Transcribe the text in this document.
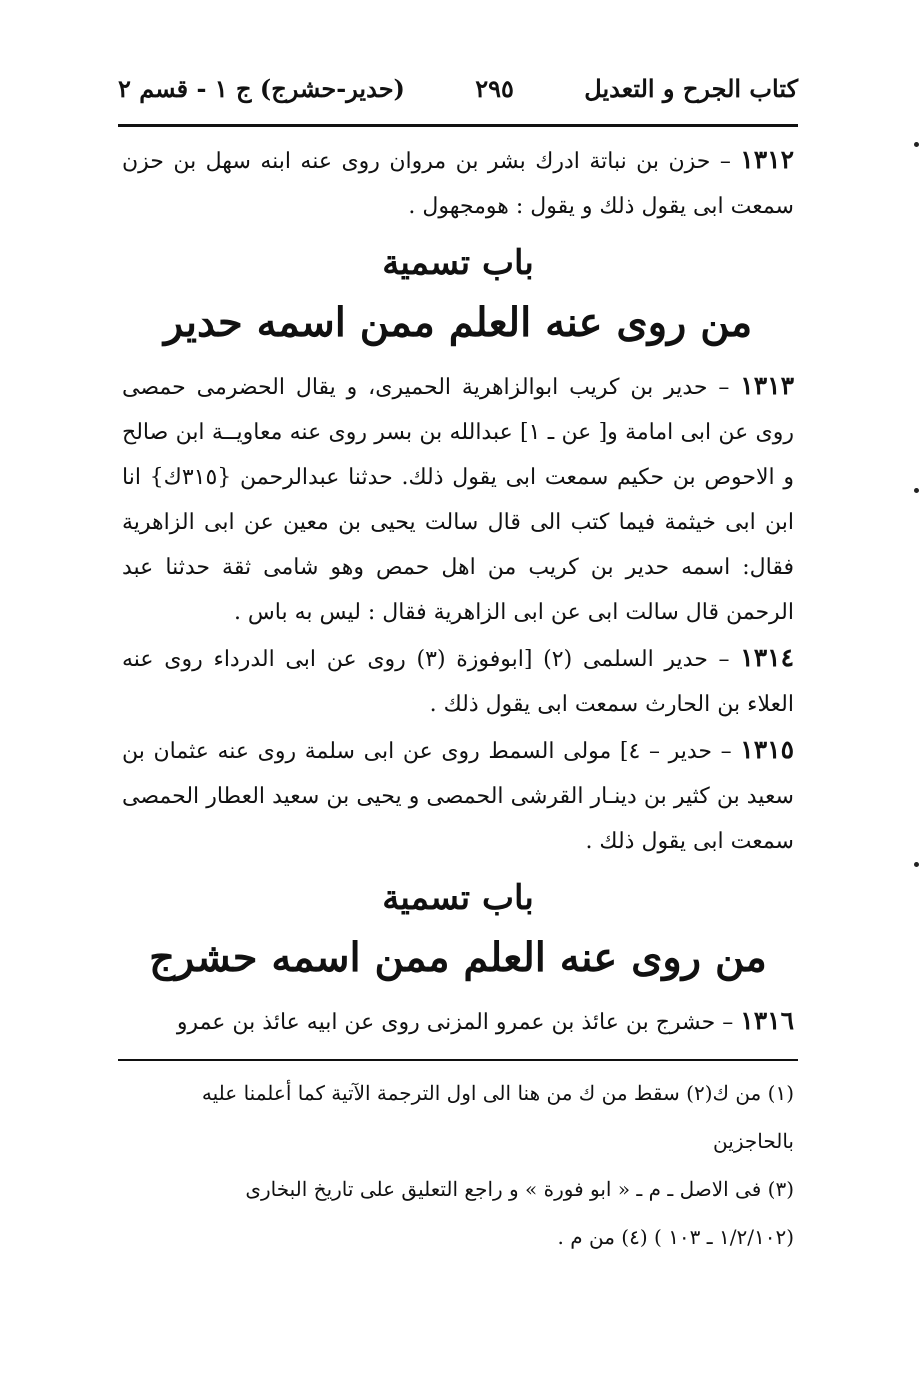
كتاب الجرح و التعديل
٢٩٥
(حدير-حشرج) ج ١ - قسم ٢

١٣١٢ – حزن بن نباتة ادرك بشر بن مروان روى عنه ابنه سهل بن حزن سمعت ابى يقول ذلك و يقول : هومجهول .

باب تسمية
من روى عنه العلم ممن اسمه حدير

١٣١٣ – حدير بن كريب ابوالزاهرية الحميرى، و يقال الحضرمى حمصى روى عن ابى امامة و[ عن ـ ١] عبدالله بن بسر روى عنه معاويــة ابن صالح و الاحوص بن حكيم سمعت ابى يقول ذلك. حدثنا عبدالرحمن {٣١٥ك} انا ابن ابى خيثمة فيما كتب الى قال سالت يحيى بن معين عن ابى الزاهرية فقال: اسمه حدير بن كريب من اهل حمص وهو شامى ثقة حدثنا عبد الرحمن قال سالت ابى عن ابى الزاهرية فقال : ليس به باس .

١٣١٤ – حدير السلمى (٢) [ابوفوزة (٣) روى عن ابى الدرداء روى عنه العلاء بن الحارث سمعت ابى يقول ذلك .

١٣١٥ – حدير – ٤] مولى السمط روى عن ابى سلمة روى عنه عثمان بن سعيد بن كثير بن دينـار القرشى الحمصى و يحيى بن سعيد العطار الحمصى سمعت ابى يقول ذلك .

باب تسمية
من روى عنه العلم ممن اسمه حشرج

١٣١٦ – حشرج بن عائذ بن عمرو المزنى روى عن ابيه عائذ بن عمرو

(١) من ك(٢) سقط من ك من هنا الى اول الترجمة الآتية كما أعلمنا عليه بالحاجزين
(٣) فى الاصل ـ م ـ « ابو فورة » و راجع التعليق على تاريخ البخارى
(١/٢/١٠٢ ـ ١٠٣ ) (٤) من م .
